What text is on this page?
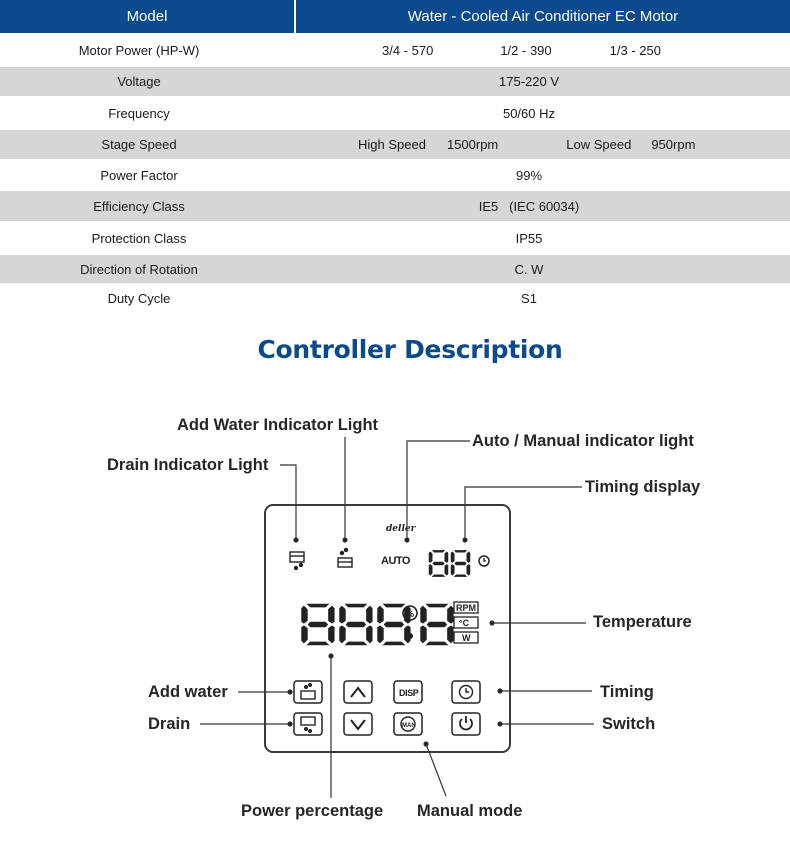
Model	Water - Cooled Air Conditioner EC Motor
Motor Power (HP-W)	3/4 - 570	1/2 - 390	1/3 - 250
Voltage	175-220 V
Frequency	50/60 Hz
Stage Speed	High Speed 1500rpm	Low Speed 950rpm
Power Factor	99%
Efficiency Class	IE5   (IEC 60034)
Protection Class	IP55
Direction of Rotation	C. W
Duty Cycle	S1
Controller Description
deller
AUTO
%
RPM
°C
W
DISP
MAN
Add Water Indicator Light
Auto / Manual indicator light
Drain Indicator Light
Timing display
Temperature
Add water
Drain
Timing
Switch
Power percentage Manual mode
